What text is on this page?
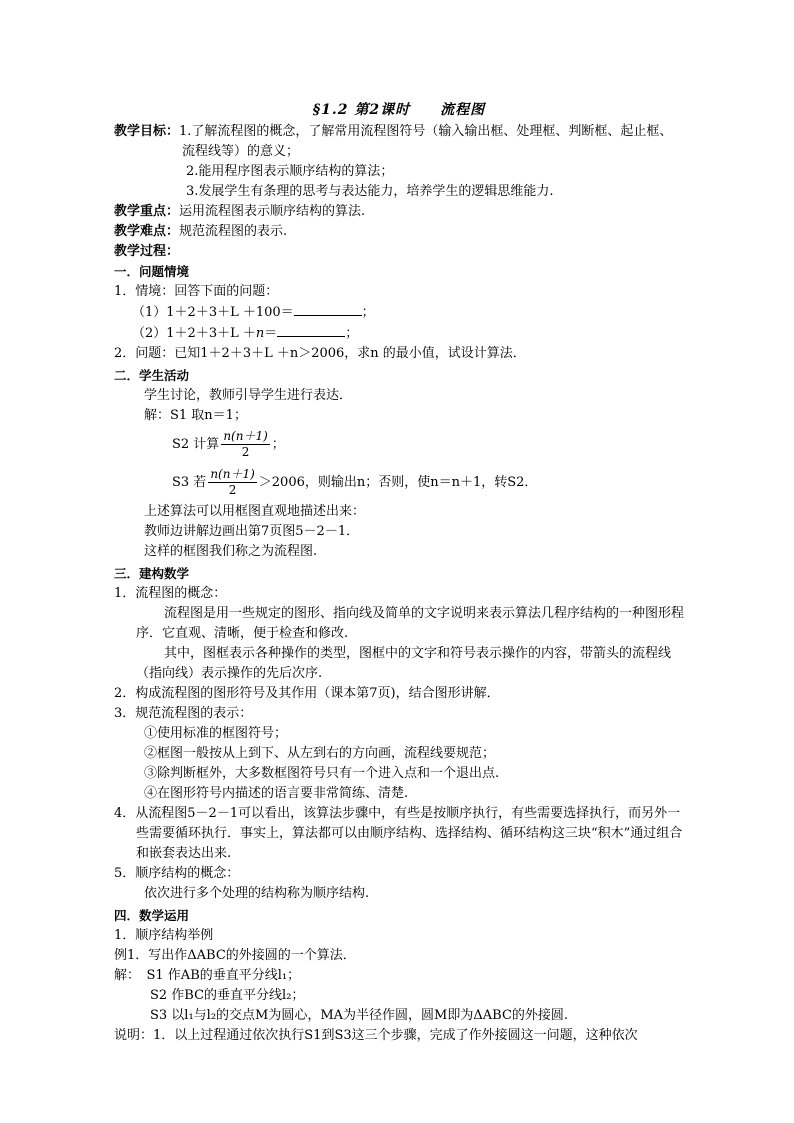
§1.2 第2课时　　流程图
教学目标：1.了解流程图的概念，了解常用流程图符号（输入输出框、处理框、判断框、起止框、流程线等）的意义；
2.能用程序图表示顺序结构的算法；
3.发展学生有条理的思考与表达能力，培养学生的逻辑思维能力.
教学重点：运用流程图表示顺序结构的算法.
教学难点：规范流程图的表示.
教学过程：
一．问题情境
1．情境：回答下面的问题：
（1）1＋2＋3＋L ＋100＝	；
（2）1＋2＋3＋L ＋n＝	；
2．问题：已知1＋2＋3＋L ＋n＞2006，求n 的最小值，试设计算法．
二．学生活动
学生讨论，教师引导学生进行表达．
解：S1 取n＝1；
S2 计算 $\frac{n(n+1)}{2}$ ；
S3 若 $\frac{n(n+1)}{2} >2006$，则输出n；否则，使n＝n＋1，转S2．
上述算法可以用框图直观地描述出来：
教师边讲解边画出第7页图5－2－1．
这样的框图我们称之为流程图.
三．建构数学
1．流程图的概念：
流程图是用一些规定的图形、指向线及简单的文字说明来表示算法几程序结构的一种图形程序．它直观、清晰，便于检查和修改.
其中，图框表示各种操作的类型，图框中的文字和符号表示操作的内容，带箭头的流程线（指向线）表示操作的先后次序.
2．构成流程图的图形符号及其作用（课本第7页)，结合图形讲解．
3．规范流程图的表示：
①使用标准的框图符号；
②框图一般按从上到下、从左到右的方向画，流程线要规范；
③除判断框外，大多数框图符号只有一个进入点和一个退出点.
④在图形符号内描述的语言要非常简练、清楚.
4．从流程图5－2－1可以看出，该算法步骤中，有些是按顺序执行，有些需要选择执行，而另外一些需要循环执行．事实上，算法都可以由顺序结构、选择结构、循环结构这三块“积木”通过组合和嵌套表达出来.
5．顺序结构的概念：
依次进行多个处理的结构称为顺序结构.
四．数学运用
1．顺序结构举例
例1．写出作ΔABC的外接圆的一个算法．
解：　S1 作AB的垂直平分线l₁；
S2 作BC的垂直平分线l₂；
S3 以l₁与l₂的交点M为圆心，MA为半径作圆，圆M即为ΔABC的外接圆.
说明：1．以上过程通过依次执行S1到S3这三个步骤，完成了作外接圆这一问题，这种依次
